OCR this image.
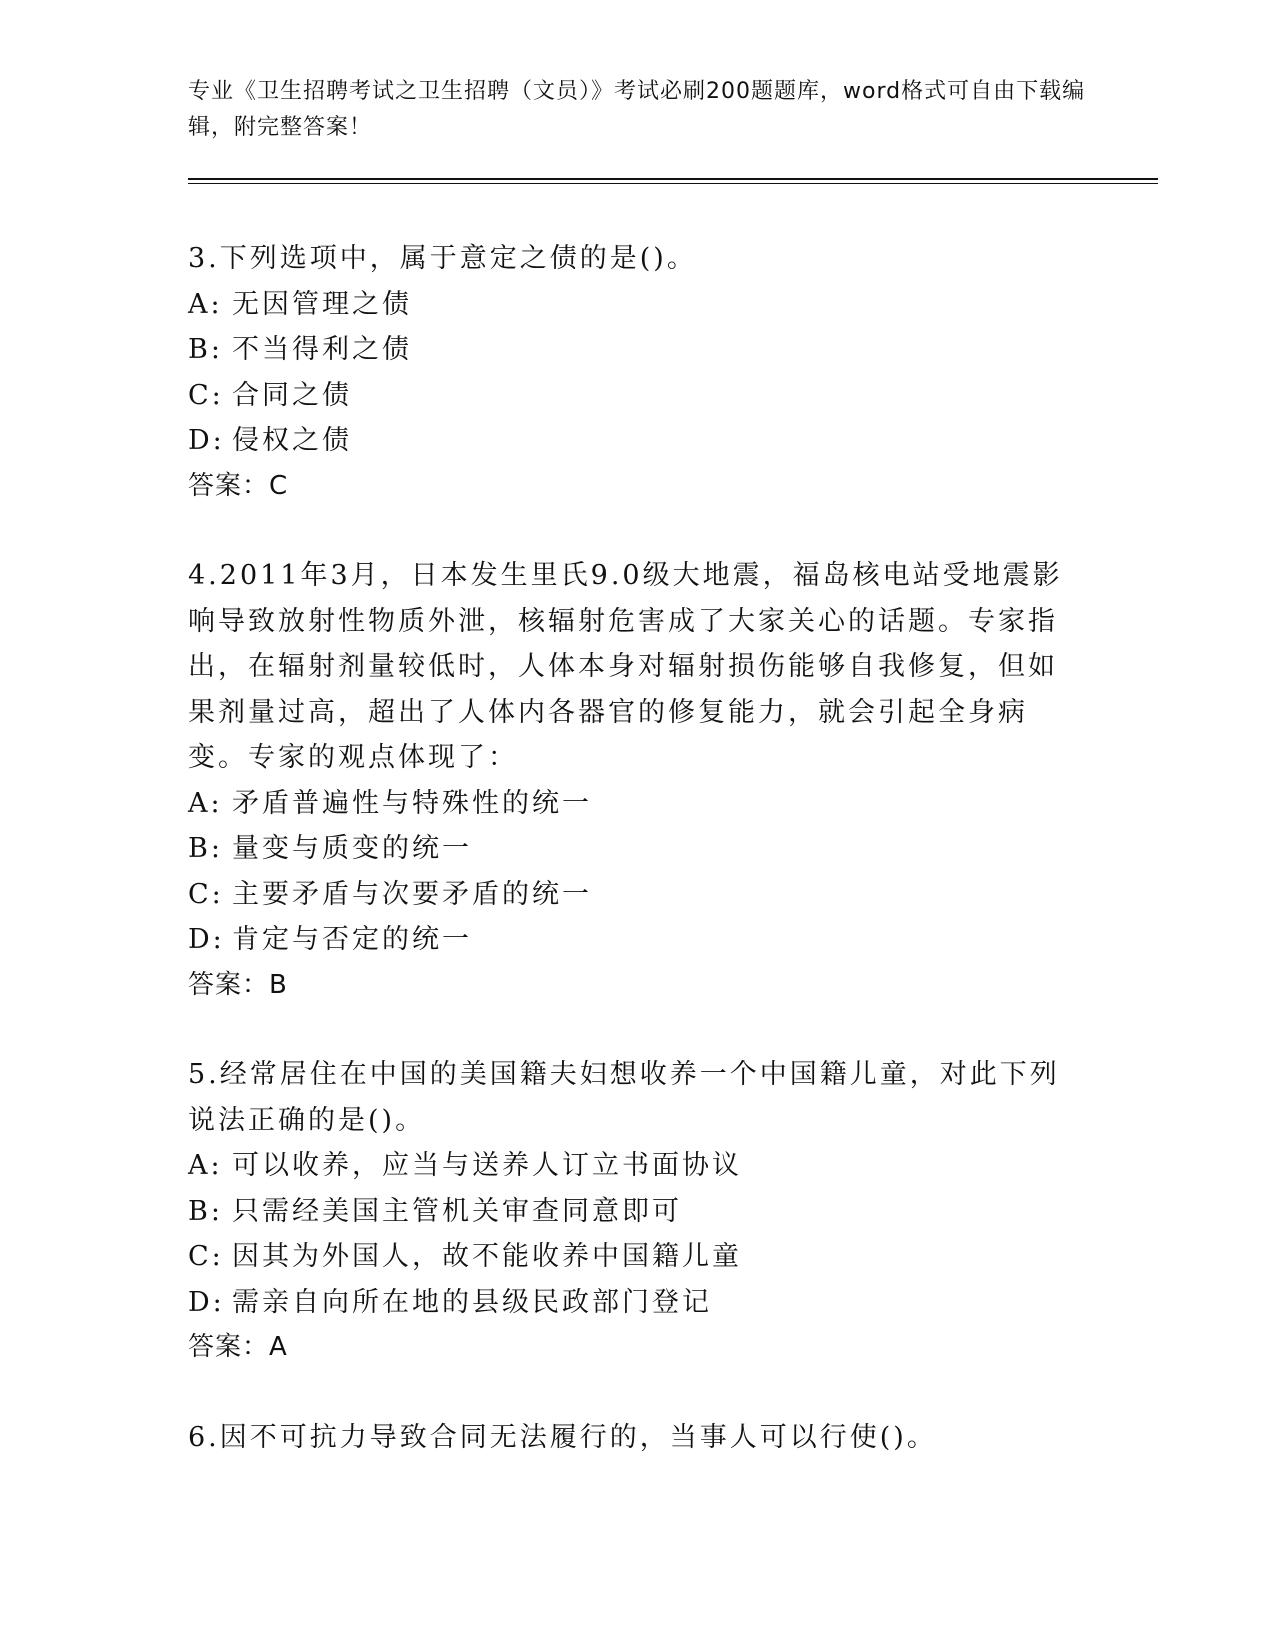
专业《卫生招聘考试之卫生招聘（文员）》考试必刷200题题库，word格式可自由下载编辑，附完整答案！

3.下列选项中，属于意定之债的是()。

A: 无因管理之债

B: 不当得利之债

C: 合同之债

D: 侵权之债

答案：C

4.2011年3月，日本发生里氏9.0级大地震，福岛核电站受地震影响导致放射性物质外泄，核辐射危害成了大家关心的话题。专家指出，在辐射剂量较低时，人体本身对辐射损伤能够自我修复，但如果剂量过高，超出了人体内各器官的修复能力，就会引起全身病变。专家的观点体现了：

A: 矛盾普遍性与特殊性的统一

B: 量变与质变的统一

C: 主要矛盾与次要矛盾的统一

D: 肯定与否定的统一

答案：B

5.经常居住在中国的美国籍夫妇想收养一个中国籍儿童，对此下列说法正确的是()。

A: 可以收养，应当与送养人订立书面协议

B: 只需经美国主管机关审查同意即可

C: 因其为外国人，故不能收养中国籍儿童

D: 需亲自向所在地的县级民政部门登记

答案：A

6.因不可抗力导致合同无法履行的，当事人可以行使()。
